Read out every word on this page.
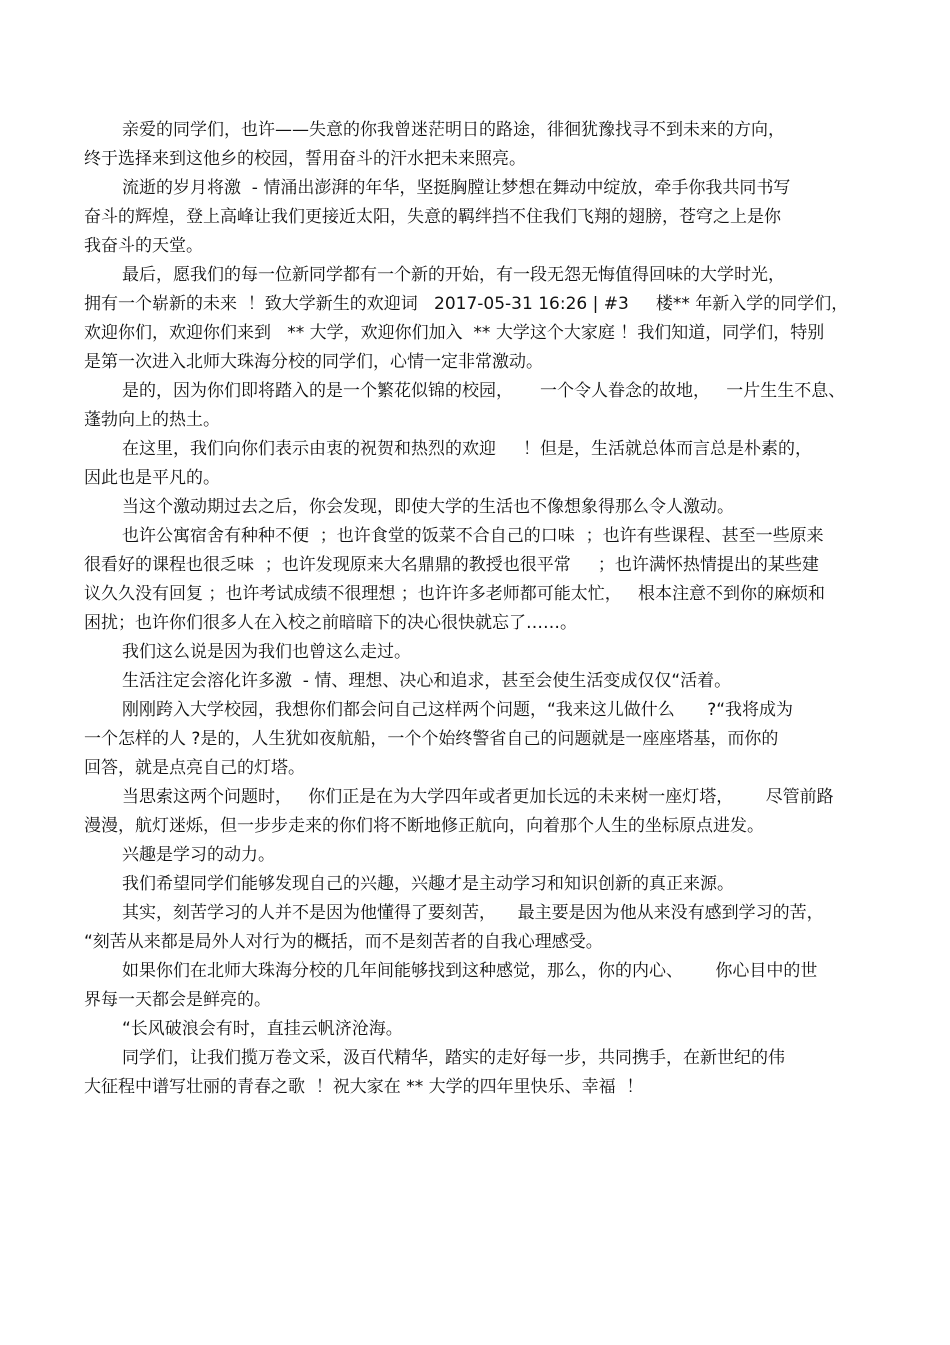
亲爱的同学们，也许——失意的你我曾迷茫明日的路途，徘徊犹豫找寻不到未来的方向，
终于选择来到这他乡的校园，誓用奋斗的汗水把未来照亮。
流逝的岁月将激  - 情涌出澎湃的年华，坚挺胸膛让梦想在舞动中绽放，牵手你我共同书写
奋斗的辉煌，登上高峰让我们更接近太阳，失意的羁绊挡不住我们飞翔的翅膀，苍穹之上是你
我奋斗的天堂。
最后，愿我们的每一位新同学都有一个新的开始，有一段无怨无悔值得回味的大学时光，
拥有一个崭新的未来  ！致大学新生的欢迎词   2017-05-31 16:26 | #3     楼** 年新入学的同学们，
欢迎你们，欢迎你们来到   ** 大学，欢迎你们加入  ** 大学这个大家庭 ！我们知道，同学们，特别
是第一次进入北师大珠海分校的同学们，心情一定非常激动。
是的，因为你们即将踏入的是一个繁花似锦的校园，     一个令人眷念的故地，   一片生生不息、
蓬勃向上的热土。
在这里，我们向你们表示由衷的祝贺和热烈的欢迎     ！但是，生活就总体而言总是朴素的，
因此也是平凡的。
当这个激动期过去之后，你会发现，即使大学的生活也不像想象得那么令人激动。
也许公寓宿舍有种种不便  ；也许食堂的饭菜不合自己的口味  ；也许有些课程、甚至一些原来
很看好的课程也很乏味  ；也许发现原来大名鼎鼎的教授也很平常     ；也许满怀热情提出的某些建
议久久没有回复 ；也许考试成绩不很理想 ；也许许多老师都可能太忙，   根本注意不到你的麻烦和
困扰；也许你们很多人在入校之前暗暗下的决心很快就忘了……。
我们这么说是因为我们也曾这么走过。
生活注定会溶化许多激  - 情、理想、决心和追求，甚至会使生活变成仅仅“活着。
刚刚跨入大学校园，我想你们都会问自己这样两个问题，“我来这儿做什么      ?“我将成为
一个怎样的人 ?是的，人生犹如夜航船，一个个始终警省自己的问题就是一座座塔基，而你的
回答，就是点亮自己的灯塔。
当思索这两个问题时，   你们正是在为大学四年或者更加长远的未来树一座灯塔，      尽管前路
漫漫，航灯迷烁，但一步步走来的你们将不断地修正航向，向着那个人生的坐标原点进发。
兴趣是学习的动力。
我们希望同学们能够发现自己的兴趣，兴趣才是主动学习和知识创新的真正来源。
其实，刻苦学习的人并不是因为他懂得了要刻苦，    最主要是因为他从来没有感到学习的苦，
“刻苦从来都是局外人对行为的概括，而不是刻苦者的自我心理感受。
如果你们在北师大珠海分校的几年间能够找到这种感觉，那么，你的内心、      你心目中的世
界每一天都会是鲜亮的。
“长风破浪会有时，直挂云帆济沧海。
同学们，让我们揽万卷文采，汲百代精华，踏实的走好每一步，共同携手，在新世纪的伟
大征程中谱写壮丽的青春之歌  ！祝大家在 ** 大学的四年里快乐、幸福  ！
